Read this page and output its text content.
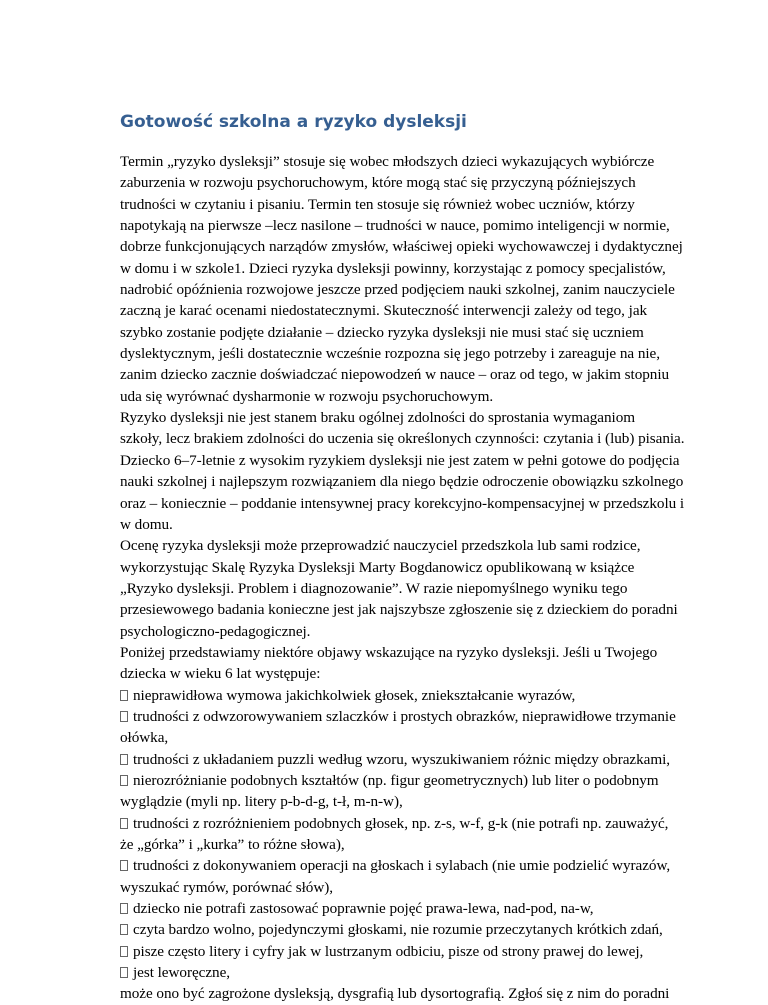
Gotowość szkolna a ryzyko dysleksji
Termin „ryzyko dysleksji” stosuje się wobec młodszych dzieci wykazujących wybiórcze
zaburzenia w rozwoju psychoruchowym, które mogą stać się przyczyną późniejszych
trudności w czytaniu i pisaniu. Termin ten stosuje się również wobec uczniów, którzy
napotykają na pierwsze –lecz nasilone – trudności w nauce, pomimo inteligencji w normie,
dobrze funkcjonujących narządów zmysłów, właściwej opieki wychowawczej i dydaktycznej
w domu i w szkole1. Dzieci ryzyka dysleksji powinny, korzystając z pomocy specjalistów,
nadrobić opóźnienia rozwojowe jeszcze przed podjęciem nauki szkolnej, zanim nauczyciele
zaczną je karać ocenami niedostatecznymi. Skuteczność interwencji zależy od tego, jak
szybko zostanie podjęte działanie – dziecko ryzyka dysleksji nie musi stać się uczniem
dyslektycznym, jeśli dostatecznie wcześnie rozpozna się jego potrzeby i zareaguje na nie,
zanim dziecko zacznie doświadczać niepowodzeń w nauce – oraz od tego, w jakim stopniu
uda się wyrównać dysharmonie w rozwoju psychoruchowym.
Ryzyko dysleksji nie jest stanem braku ogólnej zdolności do sprostania wymaganiom
szkoły, lecz brakiem zdolności do uczenia się określonych czynności: czytania i (lub) pisania.
Dziecko 6–7-letnie z wysokim ryzykiem dysleksji nie jest zatem w pełni gotowe do podjęcia
nauki szkolnej i najlepszym rozwiązaniem dla niego będzie odroczenie obowiązku szkolnego
oraz – koniecznie – poddanie intensywnej pracy korekcyjno-kompensacyjnej w przedszkolu i
w domu.
Ocenę ryzyka dysleksji może przeprowadzić nauczyciel przedszkola lub sami rodzice,
wykorzystując Skalę Ryzyka Dysleksji Marty Bogdanowicz opublikowaną w książce
„Ryzyko dysleksji. Problem i diagnozowanie”. W razie niepomyślnego wyniku tego
przesiewowego badania konieczne jest jak najszybsze zgłoszenie się z dzieckiem do poradni
psychologiczno-pedagogicznej.
Poniżej przedstawiamy niektóre objawy wskazujące na ryzyko dysleksji. Jeśli u Twojego
dziecka w wieku 6 lat występuje:
nieprawidłowa wymowa jakichkolwiek głosek, zniekształcanie wyrazów,
trudności z odwzorowywaniem szlaczków i prostych obrazków, nieprawidłowe trzymanie
ołówka,
trudności z układaniem puzzli według wzoru, wyszukiwaniem różnic między obrazkami,
nierozróżnianie podobnych kształtów (np. figur geometrycznych) lub liter o podobnym
wyglądzie (myli np. litery p-b-d-g, t-ł, m-n-w),
trudności z rozróżnieniem podobnych głosek, np. z-s, w-f, g-k (nie potrafi np. zauważyć,
że „górka” i „kurka” to różne słowa),
trudności z dokonywaniem operacji na głoskach i sylabach (nie umie podzielić wyrazów,
wyszukać rymów, porównać słów),
dziecko nie potrafi zastosować poprawnie pojęć prawa-lewa, nad-pod, na-w,
czyta bardzo wolno, pojedynczymi głoskami, nie rozumie przeczytanych krótkich zdań,
pisze często litery i cyfry jak w lustrzanym odbiciu, pisze od strony prawej do lewej,
jest leworęczne,
może ono być zagrożone dysleksją, dysgrafią lub dysortografią. Zgłoś się z nim do poradni
